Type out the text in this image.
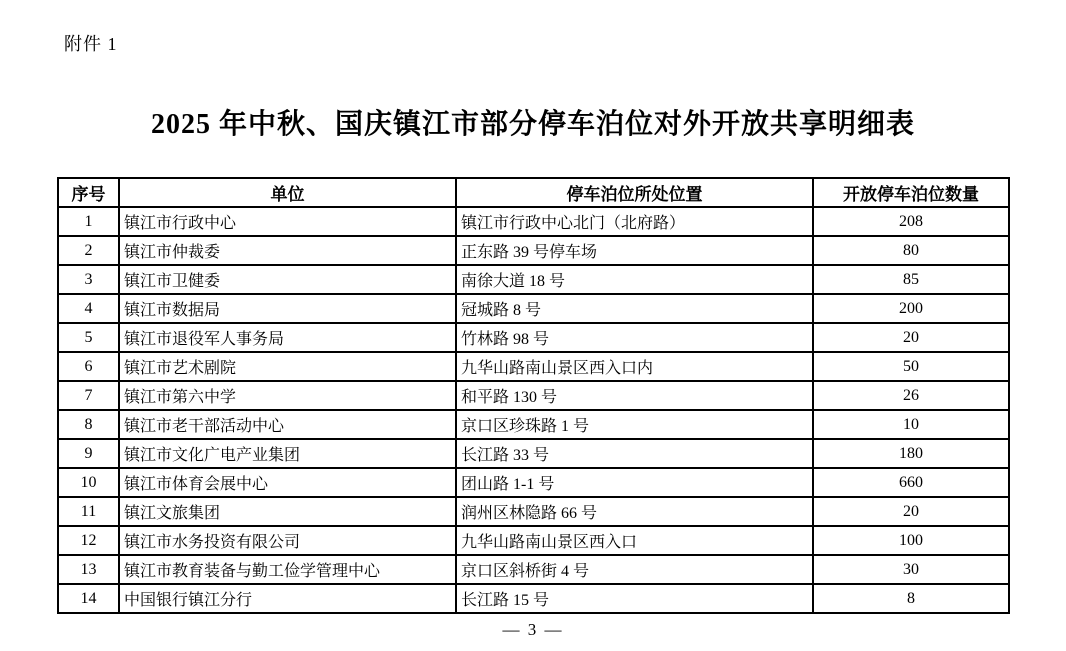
附件 1
2025 年中秋、国庆镇江市部分停车泊位对外开放共享明细表
序号	单位	停车泊位所处位置	开放停车泊位数量
1	镇江市行政中心	镇江市行政中心北门（北府路）	208
2	镇江市仲裁委	正东路 39 号停车场	80
3	镇江市卫健委	南徐大道 18 号	85
4	镇江市数据局	冠城路 8 号	200
5	镇江市退役军人事务局	竹林路 98 号	20
6	镇江市艺术剧院	九华山路南山景区西入口内	50
7	镇江市第六中学	和平路 130 号	26
8	镇江市老干部活动中心	京口区珍珠路 1 号	10
9	镇江市文化广电产业集团	长江路 33 号	180
10	镇江市体育会展中心	团山路 1-1 号	660
11	镇江文旅集团	润州区林隐路 66 号	20
12	镇江市水务投资有限公司	九华山路南山景区西入口	100
13	镇江市教育装备与勤工俭学管理中心	京口区斜桥街 4 号	30
14	中国银行镇江分行	长江路 15 号	8
— 3 —
